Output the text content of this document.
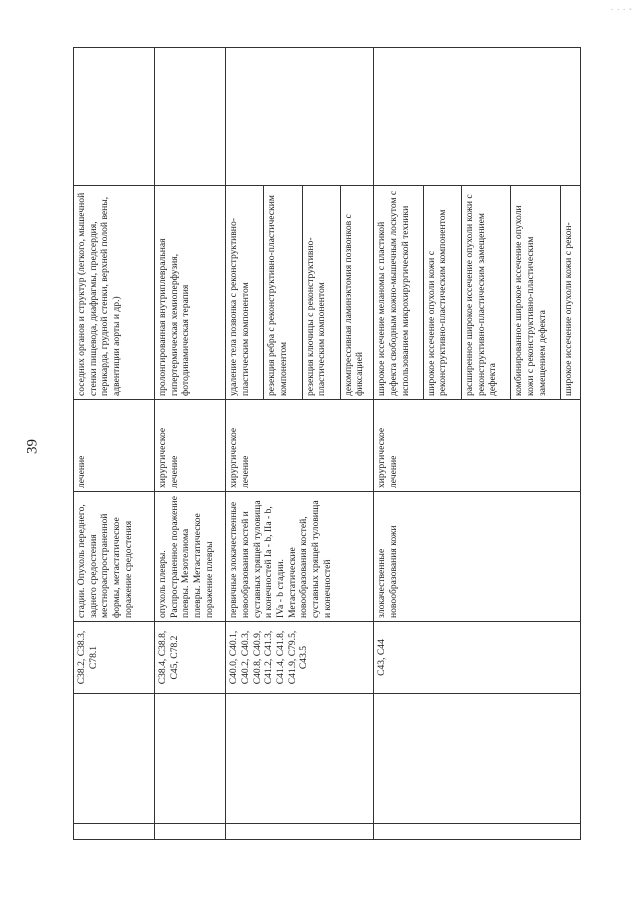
· · · -
39
		C38.2, C38.3, C78.1	стадии. Опухоль переднего, заднего средостения местнораспространенной формы, метастатическое поражение средостения	лечение	соседних органов и структур (легкого, мышечной стенки пищевода, диафрагмы, предсердия, перикарда, грудной стенки, верхней полой вены, адвентиции аорты и др.)	
		C38.4, C38.8, C45, C78.2	опухоль плевры. Распространенное поражение плевры. Мезотелиома плевры. Метастатическое поражение плевры	хирургическое лечение	пролонгированная внутриплевральная гипертермическая хемиоперфузия, фотодинамическая терапия	
		C40.0, C40.1, C40.2, C40.3, C40.8, C40.9, C41.2, C41.3, C41.4, C41.8, C41.9, C79.5, C43.5	первичные злокачественные новообразования костей и суставных хрящей туловища и конечностей Ia - b, IIa - b, IVa - b стадии. Метастатические новообразования костей, суставных хрящей туловища и конечностей	хирургическое лечение	удаление тела позвонка с реконструктивно-пластическим компонентом	
					резекция ребра с реконструктивно-пластическим компонентом	
					резекция ключицы с реконструктивно-пластическим компонентом	
					декомпрессивная ламинэктомия позвонков с фиксацией	
		C43, C44	злокачественные новообразования кожи	хирургическое лечение	широкое иссечение меланомы с пластикой дефекта свободным кожно-мышечным лоскутом с использованием микрохирургической техники	
					широкое иссечение опухоли кожи с реконструктивно-пластическим компонентом	
					расширенное широкое иссечение опухоли кожи с реконструктивно-пластическим замещением дефекта	
					комбинированное широкое иссечение опухоли кожи с реконструктивно-пластическим замещением дефекта	
					широкое иссечение опухоли кожи с рекон-	
